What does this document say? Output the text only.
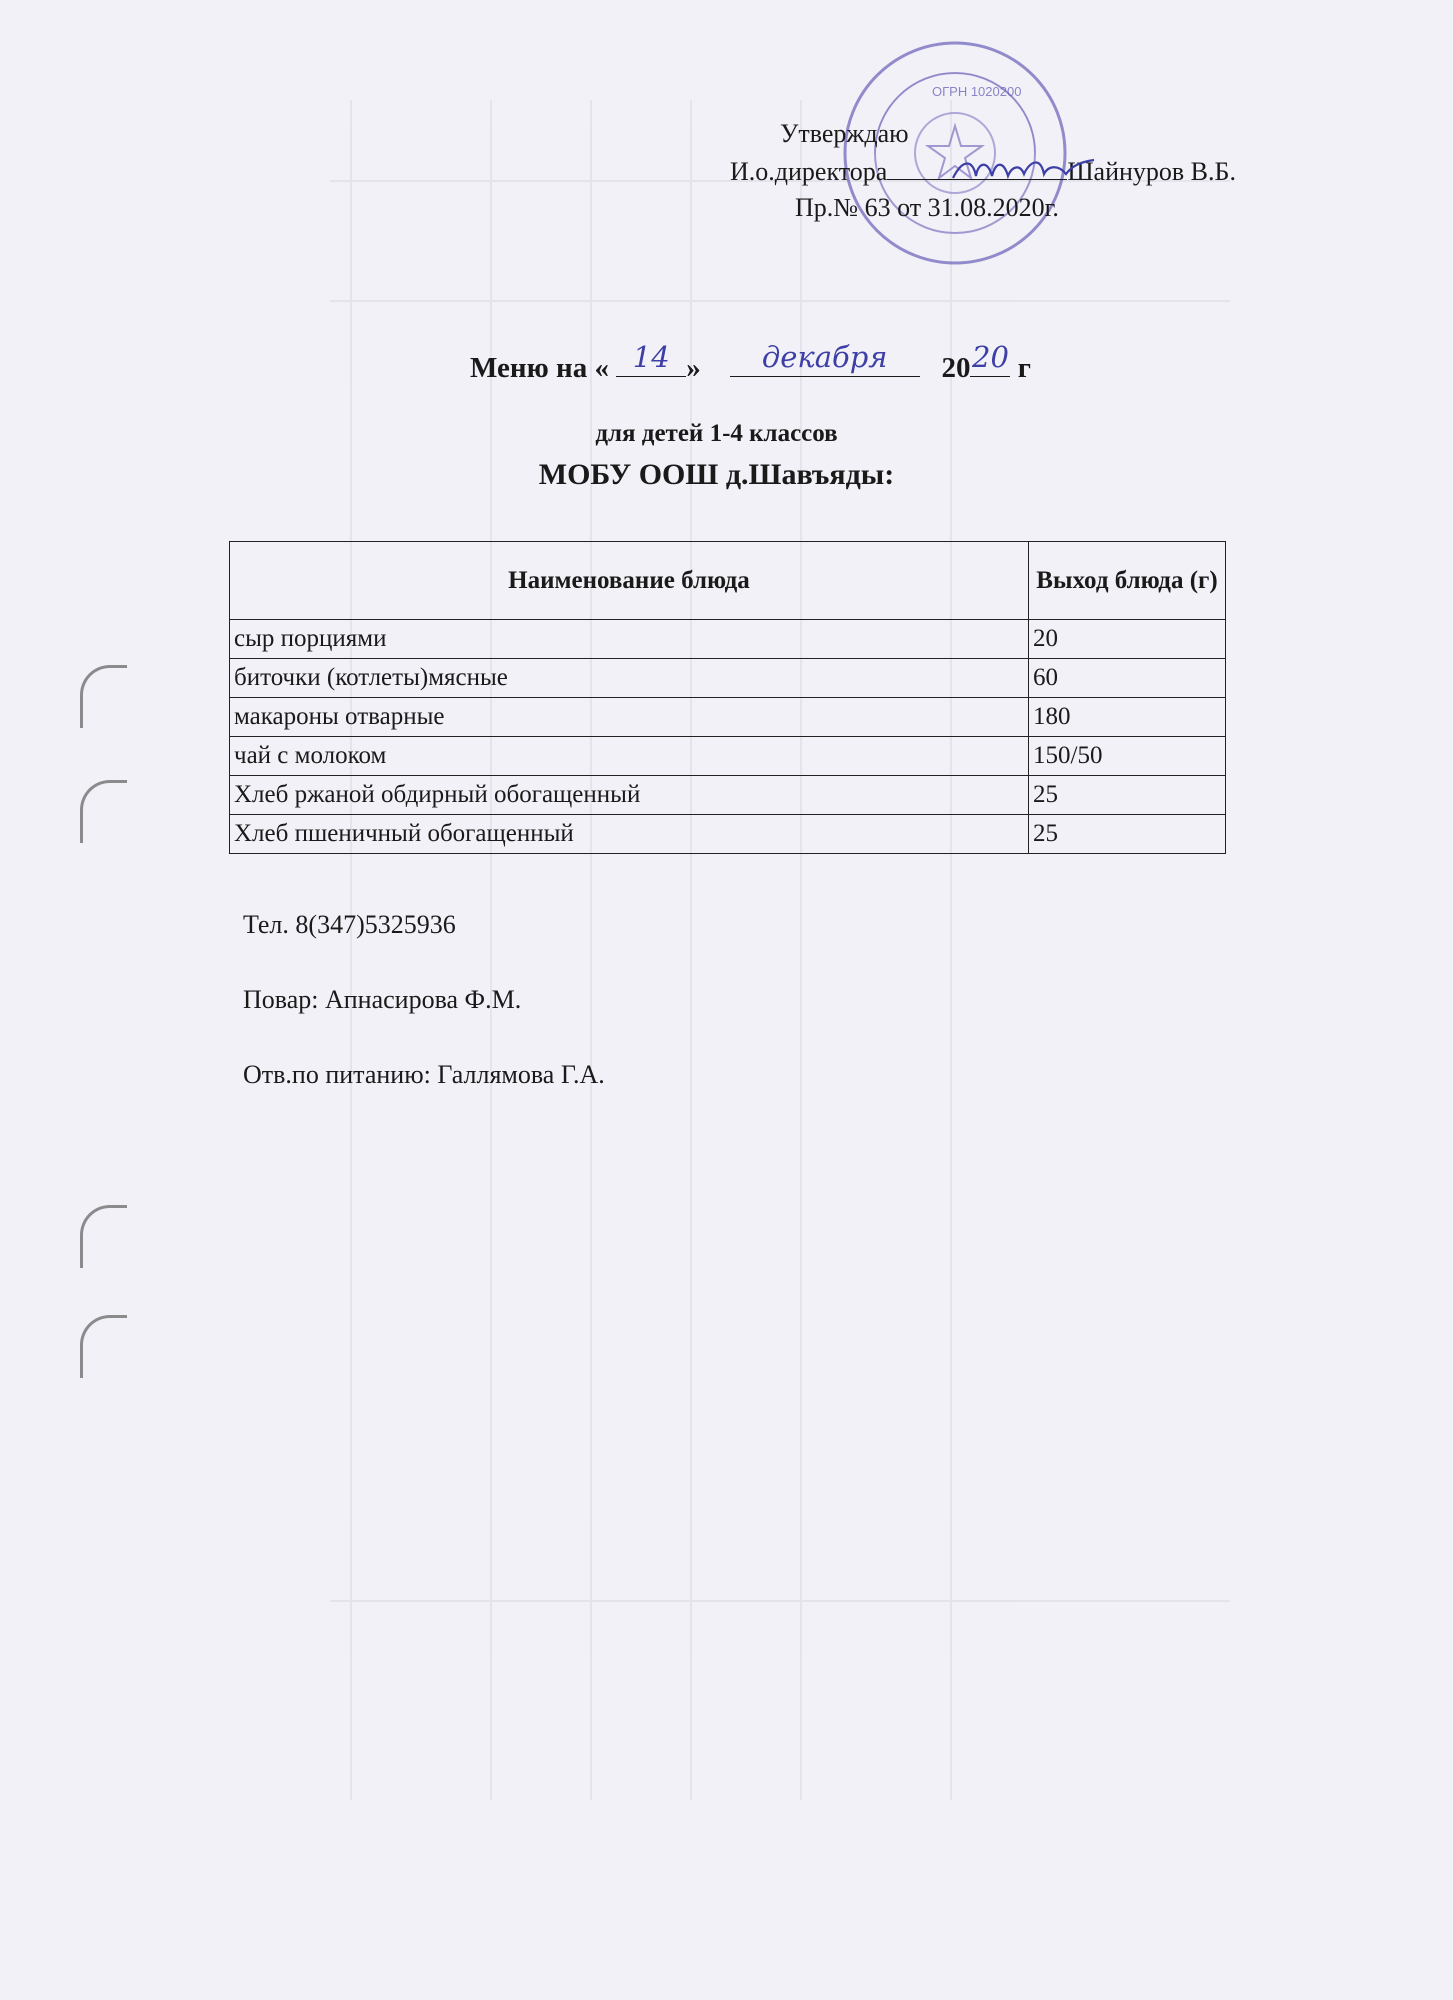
ОГРН 1020200
Утверждаю
И.о.директора	Шайнуров В.Б.
Пр.№ 63 от 31.08.2020г.
Меню на « 14 »	декабря	20 20 г
для детей 1-4 классов
МОБУ ООШ д.Шавъяды:
Наименование блюда	Выход блюда (г)
сыр порциями	20
биточки (котлеты)мясные	60
макароны отварные	180
чай с молоком	150/50
Хлеб ржаной обдирный обогащенный	25
Хлеб пшеничный обогащенный	25
Тел. 8(347)5325936
Повар: Апнасирова Ф.М.
Отв.по питанию: Галлямова Г.А.
